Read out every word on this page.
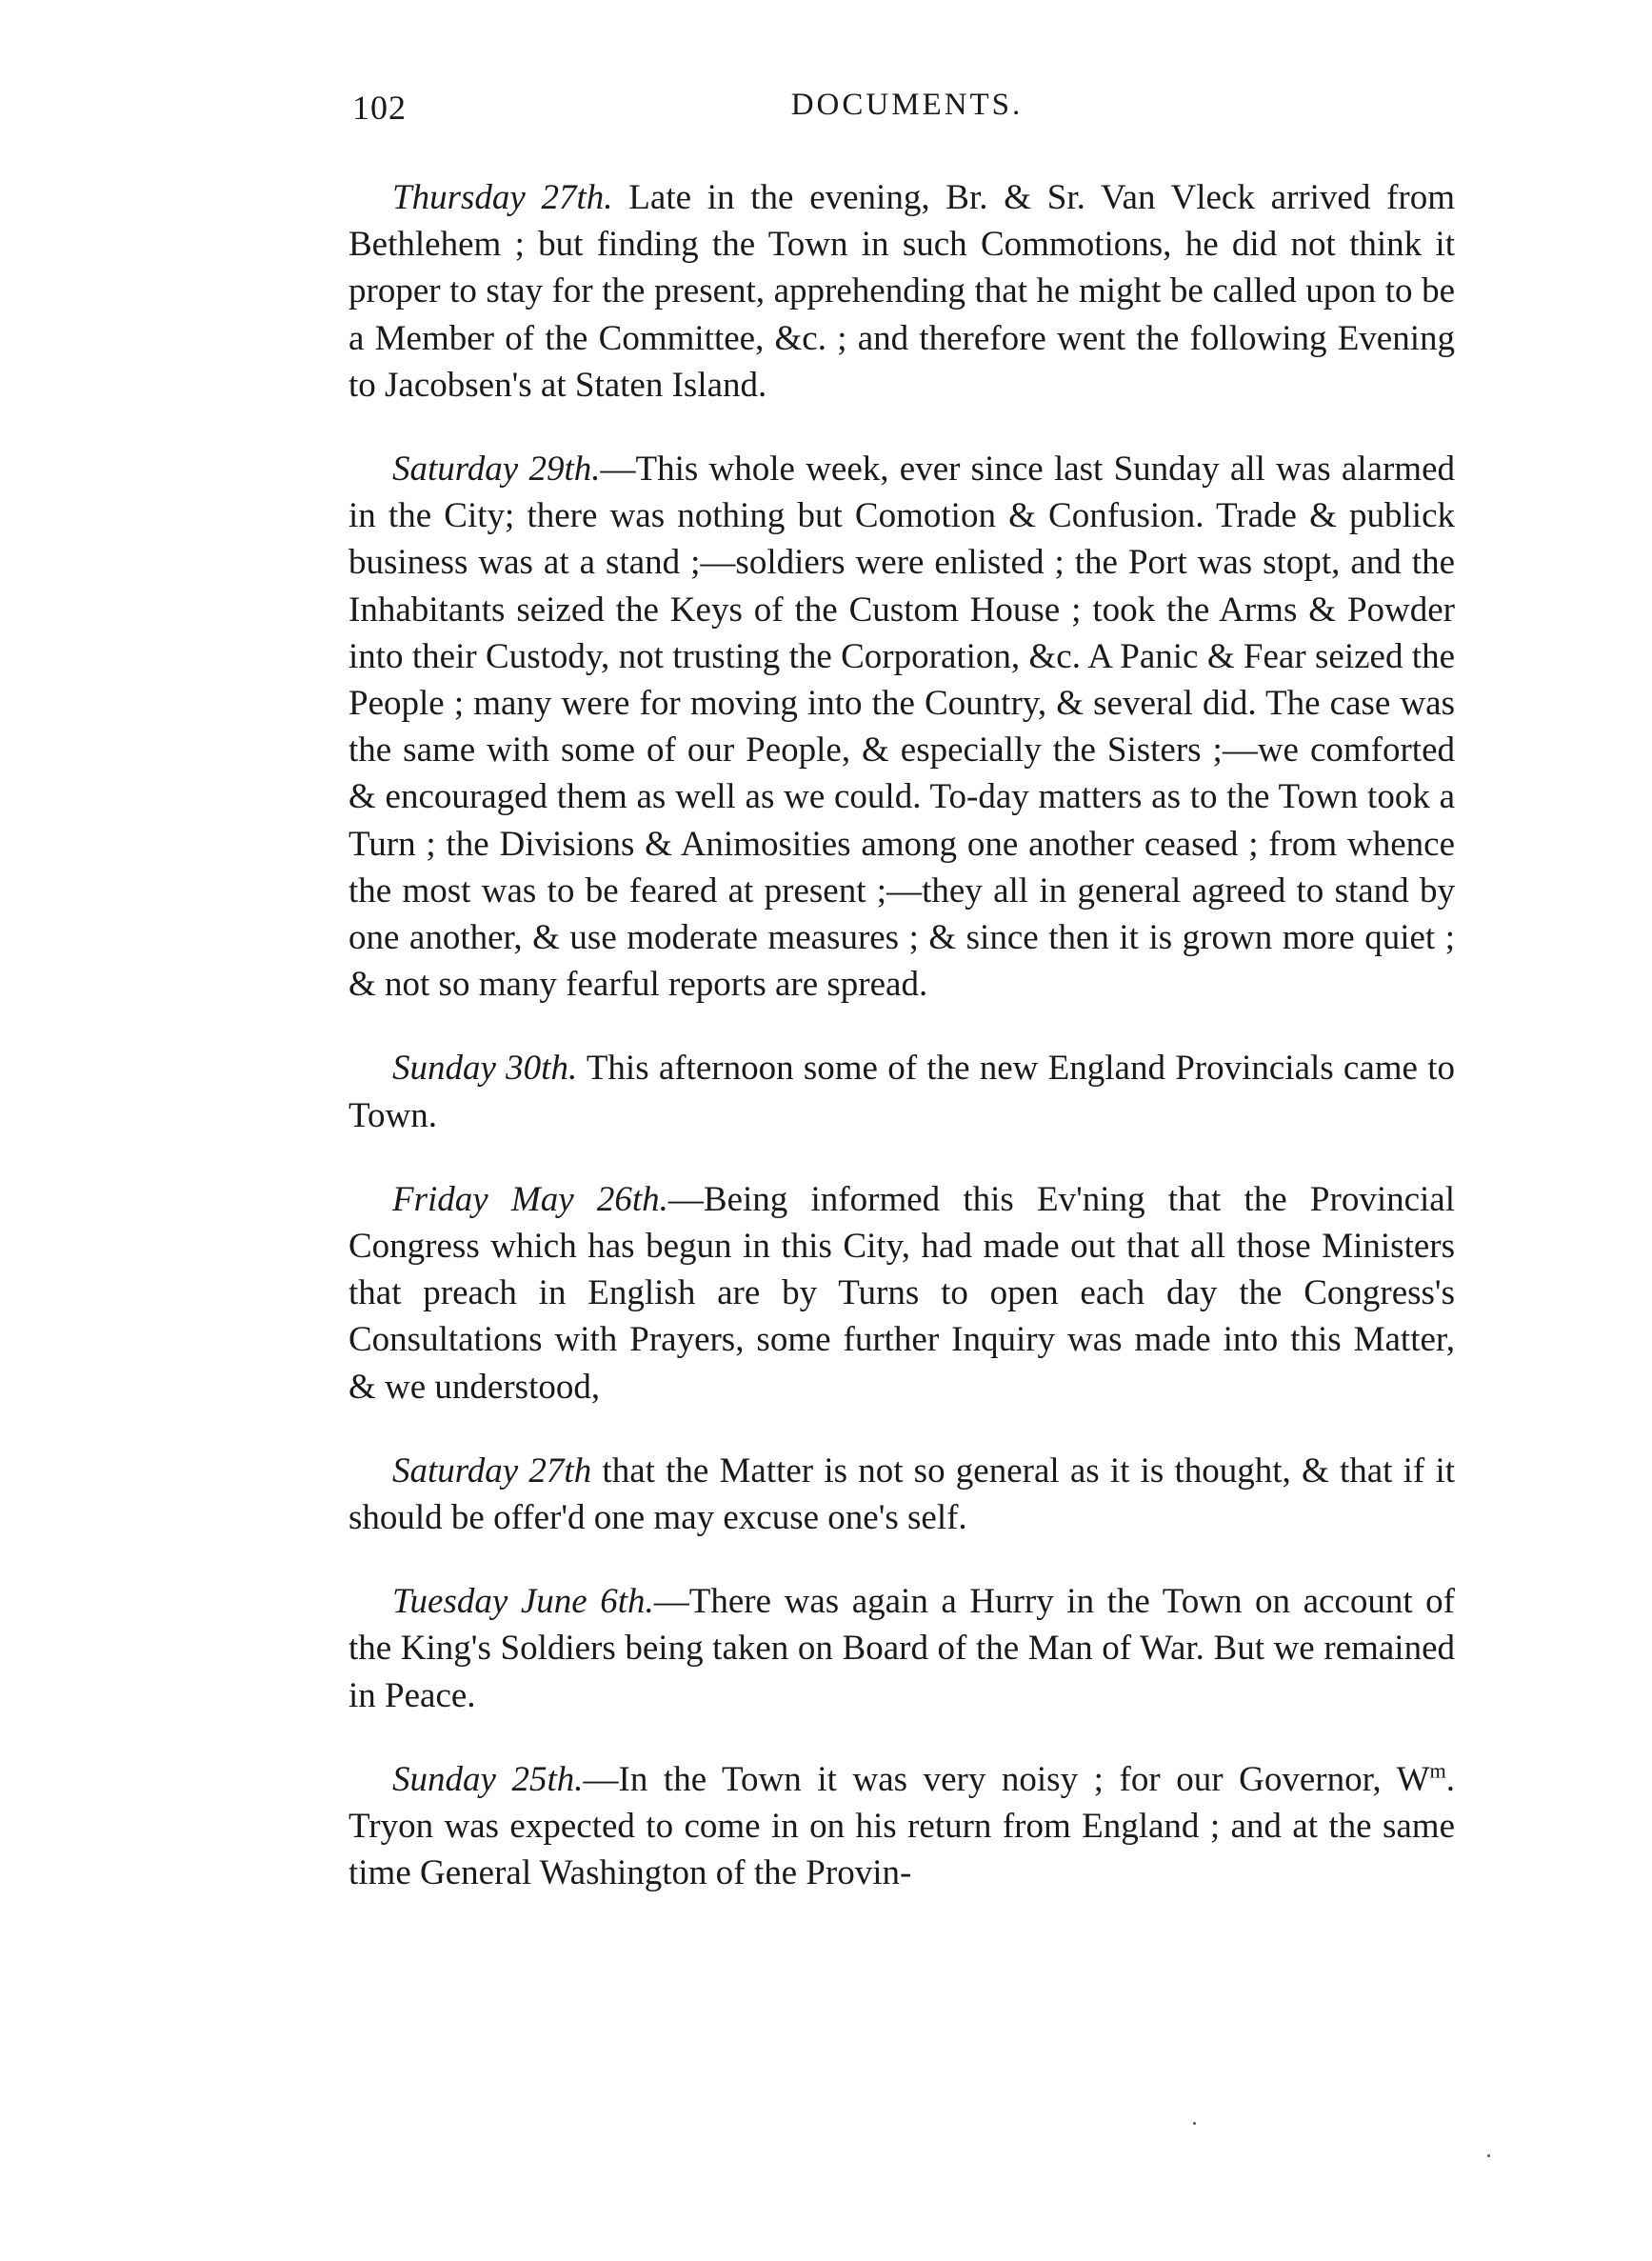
102	DOCUMENTS.

Thursday 27th. Late in the evening, Br. & Sr. Van Vleck arrived from Bethlehem ; but finding the Town in such Commotions, he did not think it proper to stay for the present, apprehending that he might be called upon to be a Member of the Committee, &c. ; and therefore went the following Evening to Jacobsen's at Staten Island.

Saturday 29th.—This whole week, ever since last Sunday all was alarmed in the City; there was nothing but Comotion & Confusion. Trade & publick business was at a stand ;—soldiers were enlisted ; the Port was stopt, and the Inhabitants seized the Keys of the Custom House ; took the Arms & Powder into their Custody, not trusting the Corporation, &c. A Panic & Fear seized the People ; many were for moving into the Country, & several did. The case was the same with some of our People, & especially the Sisters ;—we comforted & encouraged them as well as we could. To-day matters as to the Town took a Turn ; the Divisions & Animosities among one another ceased ; from whence the most was to be feared at present ;—they all in general agreed to stand by one another, & use moderate measures ; & since then it is grown more quiet ; & not so many fearful reports are spread.

Sunday 30th. This afternoon some of the new England Provincials came to Town.

Friday May 26th.—Being informed this Ev'ning that the Provincial Congress which has begun in this City, had made out that all those Ministers that preach in English are by Turns to open each day the Congress's Consultations with Prayers, some further Inquiry was made into this Matter, & we understood,

Saturday 27th that the Matter is not so general as it is thought, & that if it should be offer'd one may excuse one's self.

Tuesday June 6th.—There was again a Hurry in the Town on account of the King's Soldiers being taken on Board of the Man of War. But we remained in Peace.

Sunday 25th.—In the Town it was very noisy ; for our Governor, $W^m$. Tryon was expected to come in on his return from England ; and at the same time General Washington of the Provin-
